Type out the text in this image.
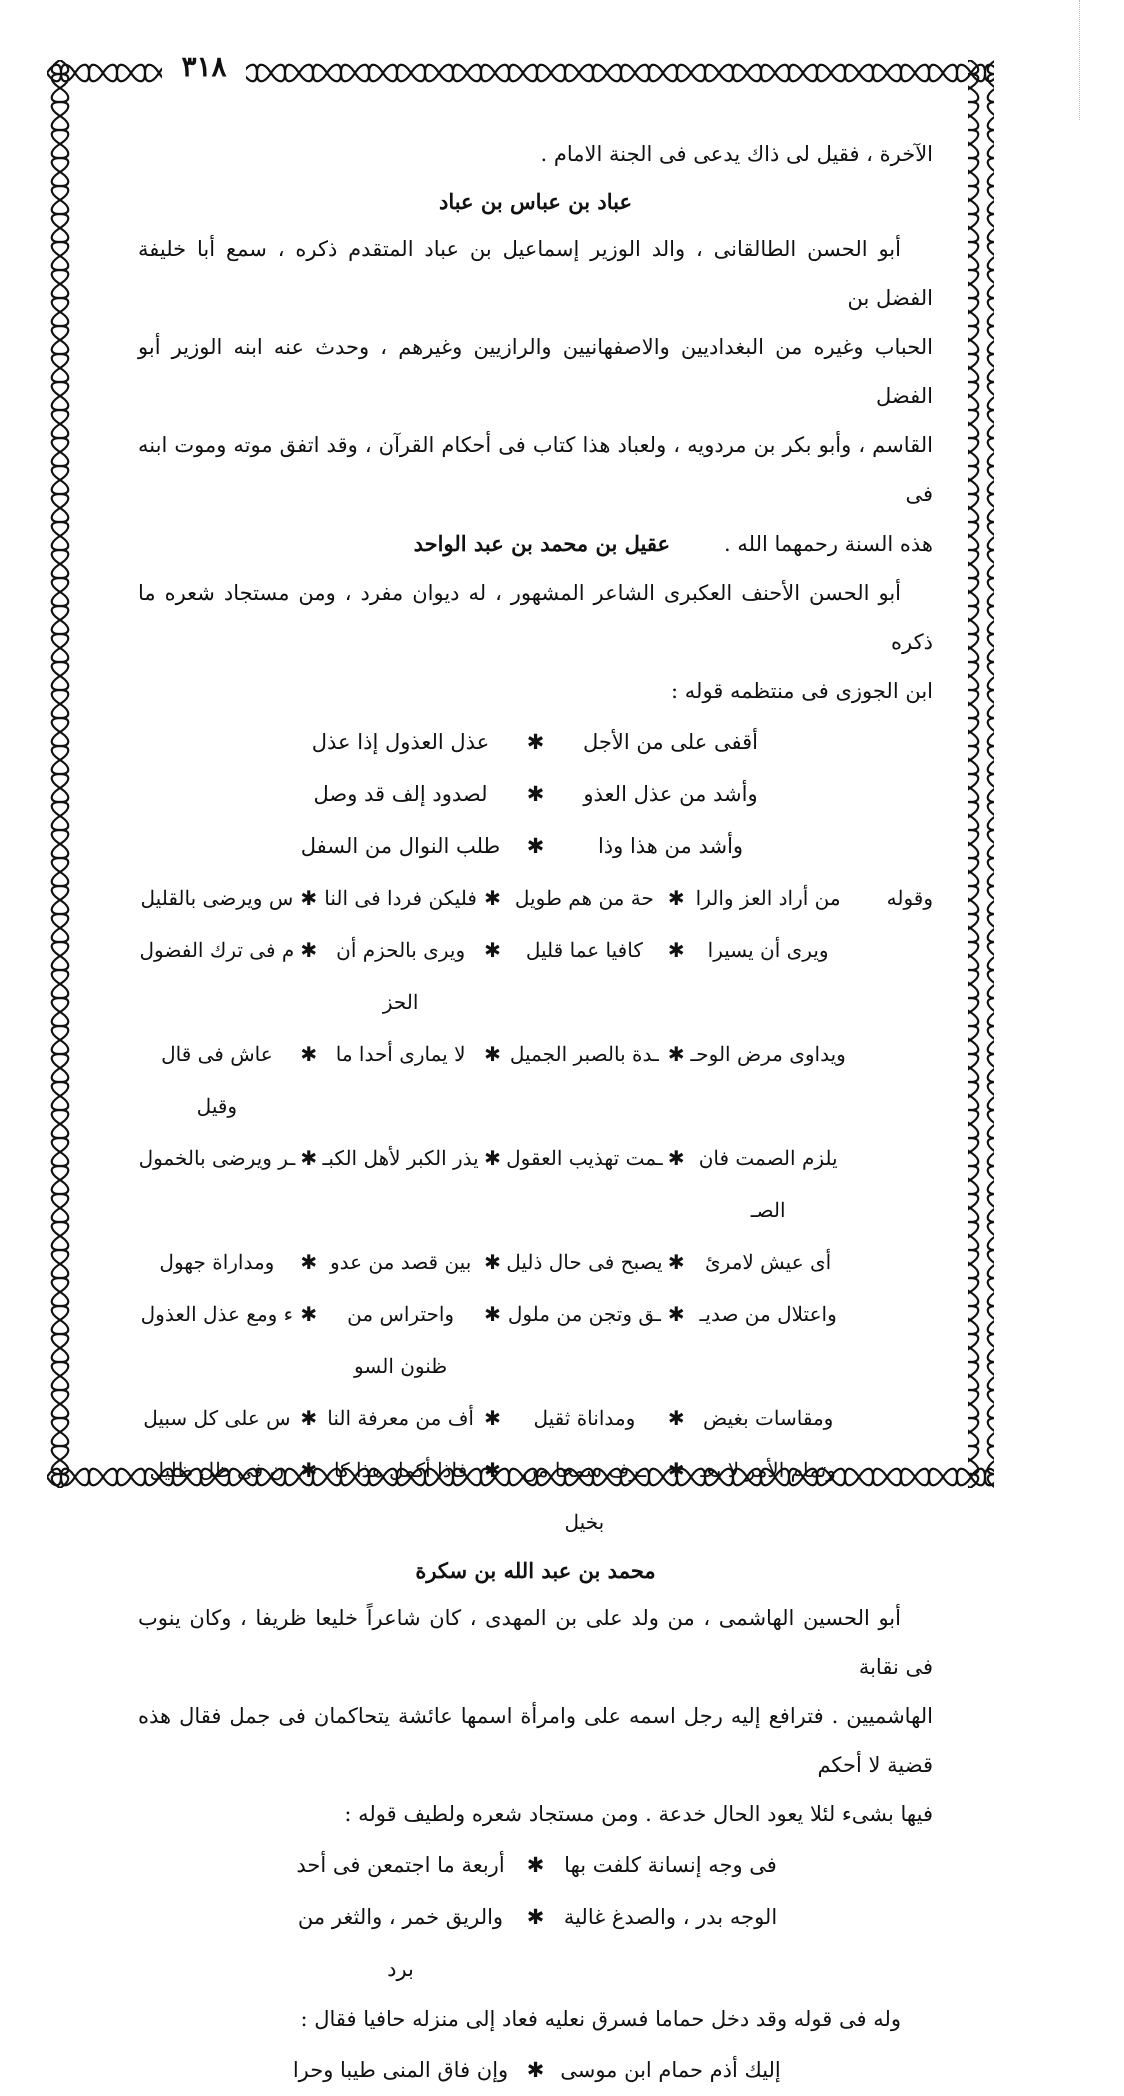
٣١٨

الآخرة ، فقيل لى ذاك يدعى فى الجنة الامام .

عباد بن عباس بن عباد

أبو الحسن الطالقانى ، والد الوزير إسماعيل بن عباد المتقدم ذكره ، سمع أبا خليفة الفضل بن

الحباب وغيره من البغداديين والاصفهانيين والرازيين وغيرهم ، وحدث عنه ابنه الوزير أبو الفضل

القاسم ، وأبو بكر بن مردويه ، ولعباد هذا كتاب فى أحكام القرآن ، وقد اتفق موته وموت ابنه فى

هذه السنة رحمهما الله .عقيل بن محمد بن عبد الواحد

أبو الحسن الأحنف العكبرى الشاعر المشهور ، له ديوان مفرد ، ومن مستجاد شعره ما ذكره

ابن الجوزى فى منتظمه قوله :

أقفى على من الأجل
✱
عذل العذول إذا عذل
وأشد من عذل العذو
✱
لصدود إلف قد وصل
وأشد من هذا وذا
✱
طلب النوال من السفل
وقوله
من أراد العز والرا
✱
حة من هم طويل
✱
فليكن فردا فى النا
✱
س ويرضى بالقليل
ويرى أن يسيرا
✱
كافيا عما قليل
✱
ويرى بالحزم أن الحز
✱
م فى ترك الفضول
ويداوى مرض الوحـ
✱
ـدة بالصبر الجميل
✱
لا يمارى أحدا ما
✱
عاش فى قال وقيل
يلزم الصمت فان الصـ
✱
ـمت تهذيب العقول
✱
يذر الكبر لأهل الكبـ
✱
ـر ويرضى بالخمول
أى عيش لامرئ
✱
يصبح فى حال ذليل
✱
بين قصد من عدو
✱
ومداراة جهول
واعتلال من صديـ
✱
ـق وتجن من ملول
✱
واحتراس من ظنون السو
✱
ء ومع عذل العذول
ومقاسات بغيض
✱
ومداناة ثقيل
✱
أف من معرفة النا
✱
س على كل سبيل
وتمام الأمر لا يعـ
✱
ـرف سمحا من بخيل
✱
فاذا أكمل هذا كا
✱
ن فى ظل ظليل

محمد بن عبد الله بن سكرة

أبو الحسين الهاشمى ، من ولد على بن المهدى ، كان شاعراً خليعا ظريفا ، وكان ينوب فى نقابة

الهاشميين . فترافع إليه رجل اسمه على وامرأة اسمها عائشة يتحاكمان فى جمل فقال هذه قضية لا أحكم

فيها بشىء لئلا يعود الحال خدعة . ومن مستجاد شعره ولطيف قوله :

فى وجه إنسانة كلفت بها
✱
أربعة ما اجتمعن فى أحد
الوجه بدر ، والصدغ غالية
✱
والريق خمر ، والثغر من برد

وله فى قوله وقد دخل حماما فسرق نعليه فعاد إلى منزله حافيا فقال :

إليك أذم حمام ابن موسى
✱
وإن فاق المنى طيبا وحرا
